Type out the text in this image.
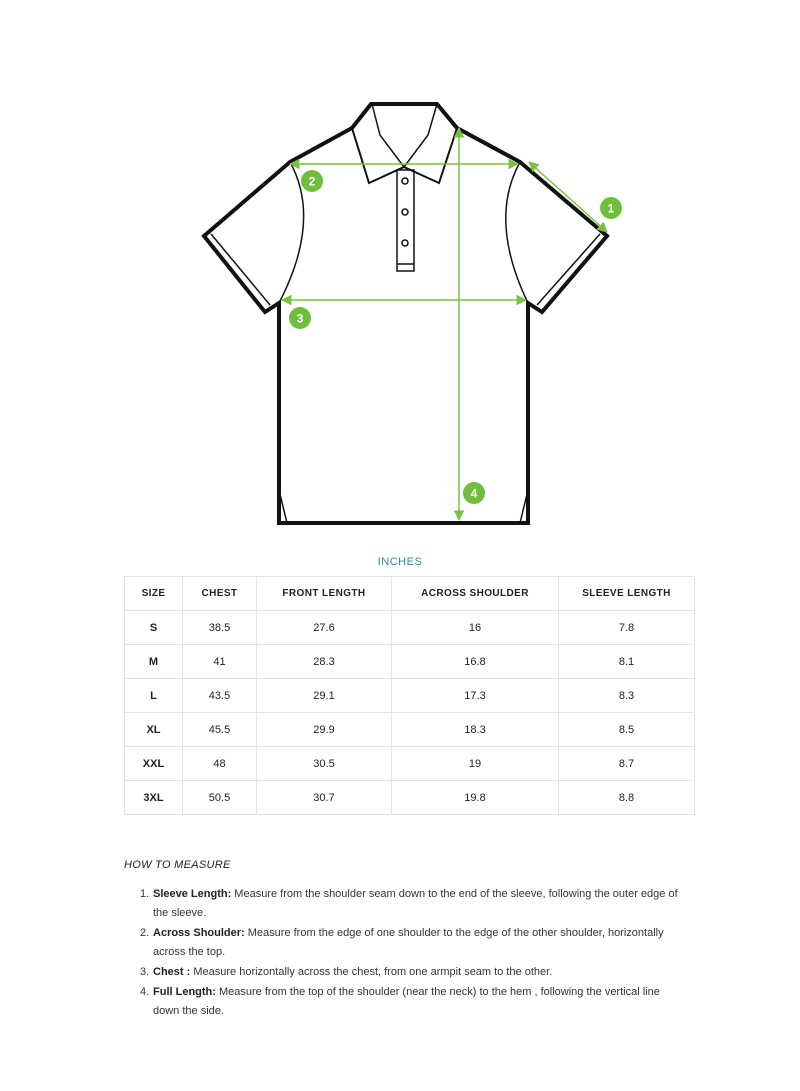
1
2
3
4
INCHES
SIZE	CHEST	FRONT LENGTH	ACROSS SHOULDER	SLEEVE LENGTH
S	38.5	27.6	16	7.8
M	41	28.3	16.8	8.1
L	43.5	29.1	17.3	8.3
XL	45.5	29.9	18.3	8.5
XXL	48	30.5	19	8.7
3XL	50.5	30.7	19.8	8.8
HOW TO MEASURE
1. Sleeve Length: Measure from the shoulder seam down to the end of the sleeve, following the outer edge of the sleeve.
2. Across Shoulder: Measure from the edge of one shoulder to the edge of the other shoulder, horizontally across the top.
3. Chest : Measure horizontally across the chest, from one armpit seam to the other.
4. Full Length: Measure from the top of the shoulder (near the neck) to the hem , following the vertical line down the side.
